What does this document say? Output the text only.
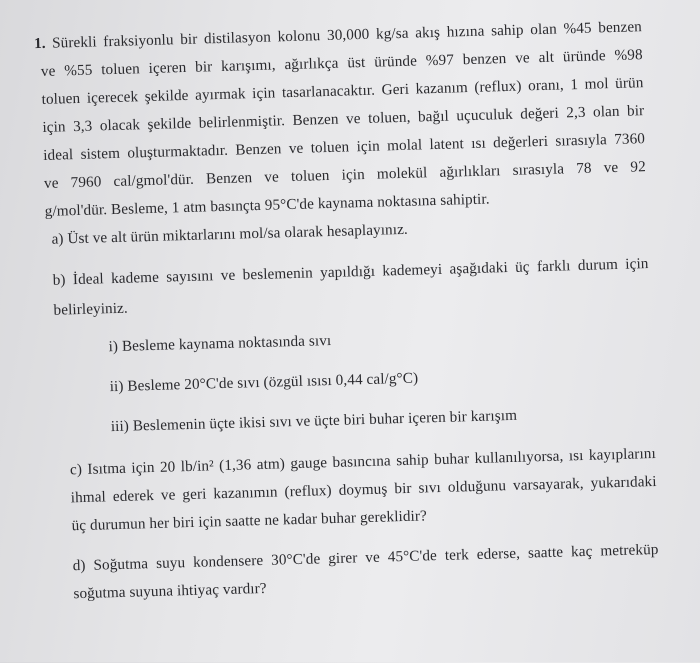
1. Sürekli fraksiyonlu bir distilasyon kolonu 30,000 kg/sa akış hızına sahip olan %45 benzen
ve %55 toluen içeren bir karışımı, ağırlıkça üst üründe %97 benzen ve alt üründe %98
toluen içerecek şekilde ayırmak için tasarlanacaktır. Geri kazanım (reflux) oranı, 1 mol ürün
için 3,3 olacak şekilde belirlenmiştir. Benzen ve toluen, bağıl uçuculuk değeri 2,3 olan bir
ideal sistem oluşturmaktadır. Benzen ve toluen için molal latent ısı değerleri sırasıyla 7360
ve 7960 cal/gmol'dür. Benzen ve toluen için molekül ağırlıkları sırasıyla 78 ve 92
g/mol'dür. Besleme, 1 atm basınçta 95°C'de kaynama noktasına sahiptir.
a) Üst ve alt ürün miktarlarını mol/sa olarak hesaplayınız.
b) İdeal kademe sayısını ve beslemenin yapıldığı kademeyi aşağıdaki üç farklı durum için
belirleyiniz.
i) Besleme kaynama noktasında sıvı
ii) Besleme 20°C'de sıvı (özgül ısısı 0,44 cal/g°C)
iii) Beslemenin üçte ikisi sıvı ve üçte biri buhar içeren bir karışım
c) Isıtma için 20 lb/in² (1,36 atm) gauge basıncına sahip buhar kullanılıyorsa, ısı kayıplarını
ihmal ederek ve geri kazanımın (reflux) doymuş bir sıvı olduğunu varsayarak, yukarıdaki
üç durumun her biri için saatte ne kadar buhar gereklidir?
d) Soğutma suyu kondensere 30°C'de girer ve 45°C'de terk ederse, saatte kaç metreküp
soğutma suyuna ihtiyaç vardır?
